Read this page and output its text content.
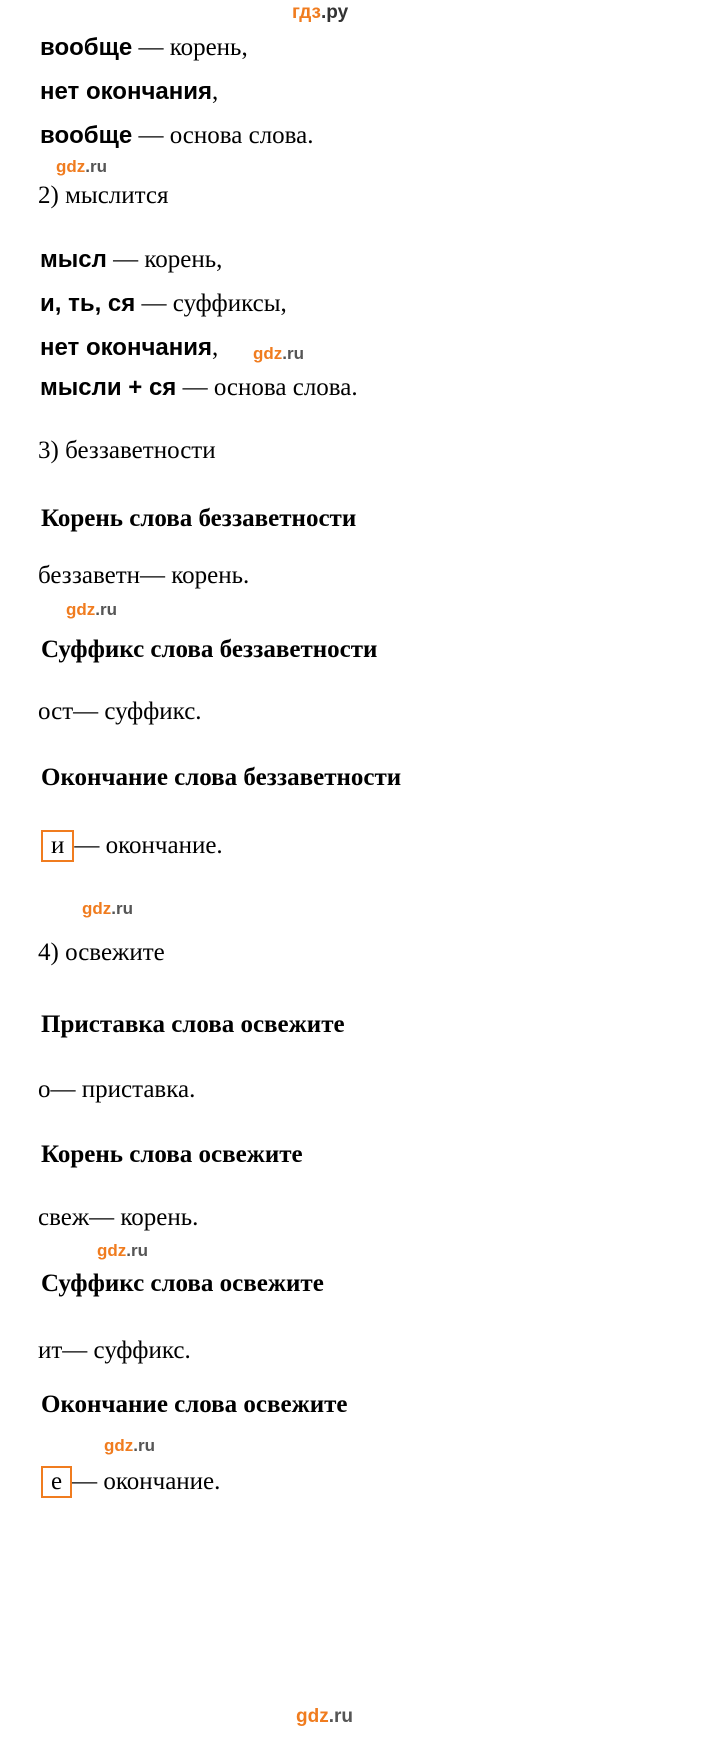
гдз.ру
вообще — корень,
нет окончания,
вообще — основа слова.
gdz.ru
2) мыслится
мысл — корень,
и, ть, ся — суффиксы,
нет окончания, gdz.ru
мысли + ся — основа слова.
3) беззаветности
Корень слова беззаветности
беззаветн— корень.
gdz.ru
Суффикс слова беззаветности
ост— суффикс.
Окончание слова беззаветности
и — окончание.
gdz.ru
4) освежите
Приставка слова освежите
о— приставка.
Корень слова освежите
свеж— корень.
gdz.ru
Суффикс слова освежите
ит— суффикс.
Окончание слова освежите
gdz.ru
е — окончание.
gdz.ru
